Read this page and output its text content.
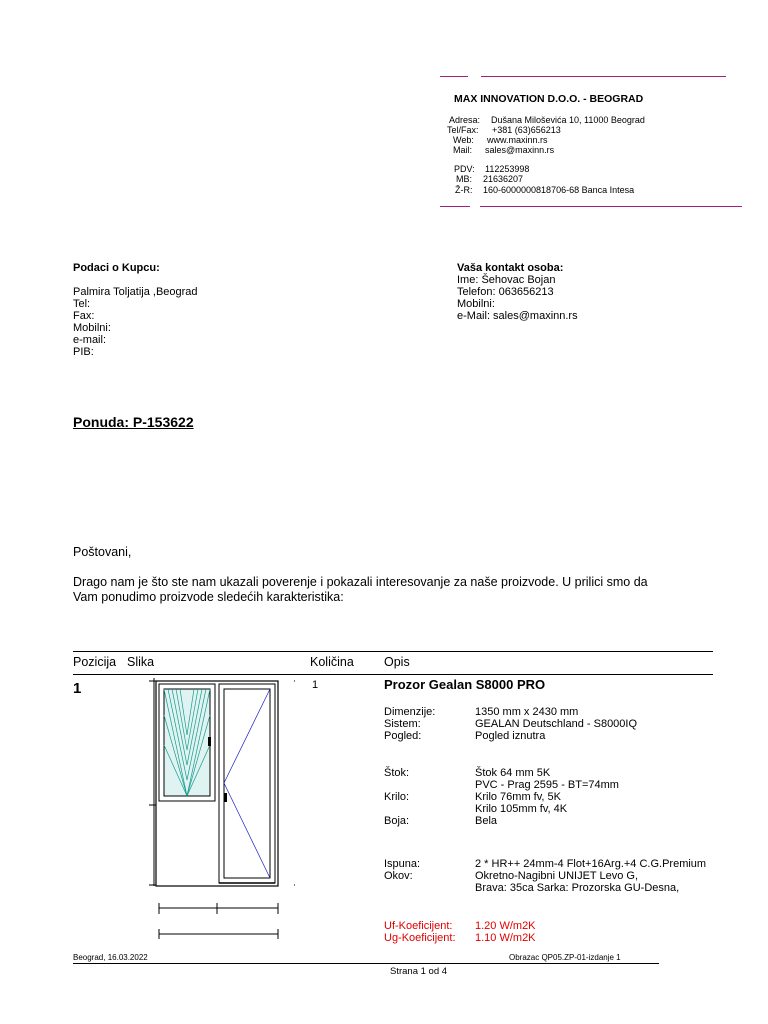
MAX INNOVATION D.O.O. - BEOGRAD
Adresa: Dušana Miloševića 10, 11000 Beograd
Tel/Fax: +381 (63)656213
Web: www.maxinn.rs
Mail: sales@maxinn.rs
PDV: 112253998
MB: 21636207
Ž-R: 160-6000000818706-68 Banca Intesa
Podaci o Kupcu:
Palmira Toljatija ,Beograd
Tel:
Fax:
Mobilni:
e-mail:
PIB:
Vaša kontakt osoba:
Ime: Šehovac Bojan
Telefon: 063656213
Mobilni:
e-Mail: sales@maxinn.rs
Ponuda: P-153622
Poštovani,
Drago nam je što ste nam ukazali poverenje i pokazali interesovanje za naše proizvode. U prilici smo da
Vam ponudimo proizvode sledećih karakteristika:
Pozicija Slika	Količina Opis
1	1	Prozor Gealan S8000 PRO
Dimenzije:	1350 mm x 2430 mm
Sistem:	GEALAN Deutschland - S8000IQ
Pogled:	Pogled iznutra
Štok:	Štok 64 mm 5K
PVC - Prag 2595 - BT=74mm
Krilo:	Krilo 76mm fv, 5K
Krilo 105mm fv, 4K
Boja:	Bela
Ispuna:	2 * HR++ 24mm-4 Flot+16Arg.+4 C.G.Premium
Okov:	Okretno-Nagibni UNIJET Levo G,
Brava: 35ca Sarka: Prozorska GU-Desna,
Uf-Koeficijent: 1.20 W/m2K
Ug-Koeficijent: 1.10 W/m2K
Beograd, 16.03.2022	Obrazac QP05.ZP-01-izdanje 1
Strana 1 od 4
